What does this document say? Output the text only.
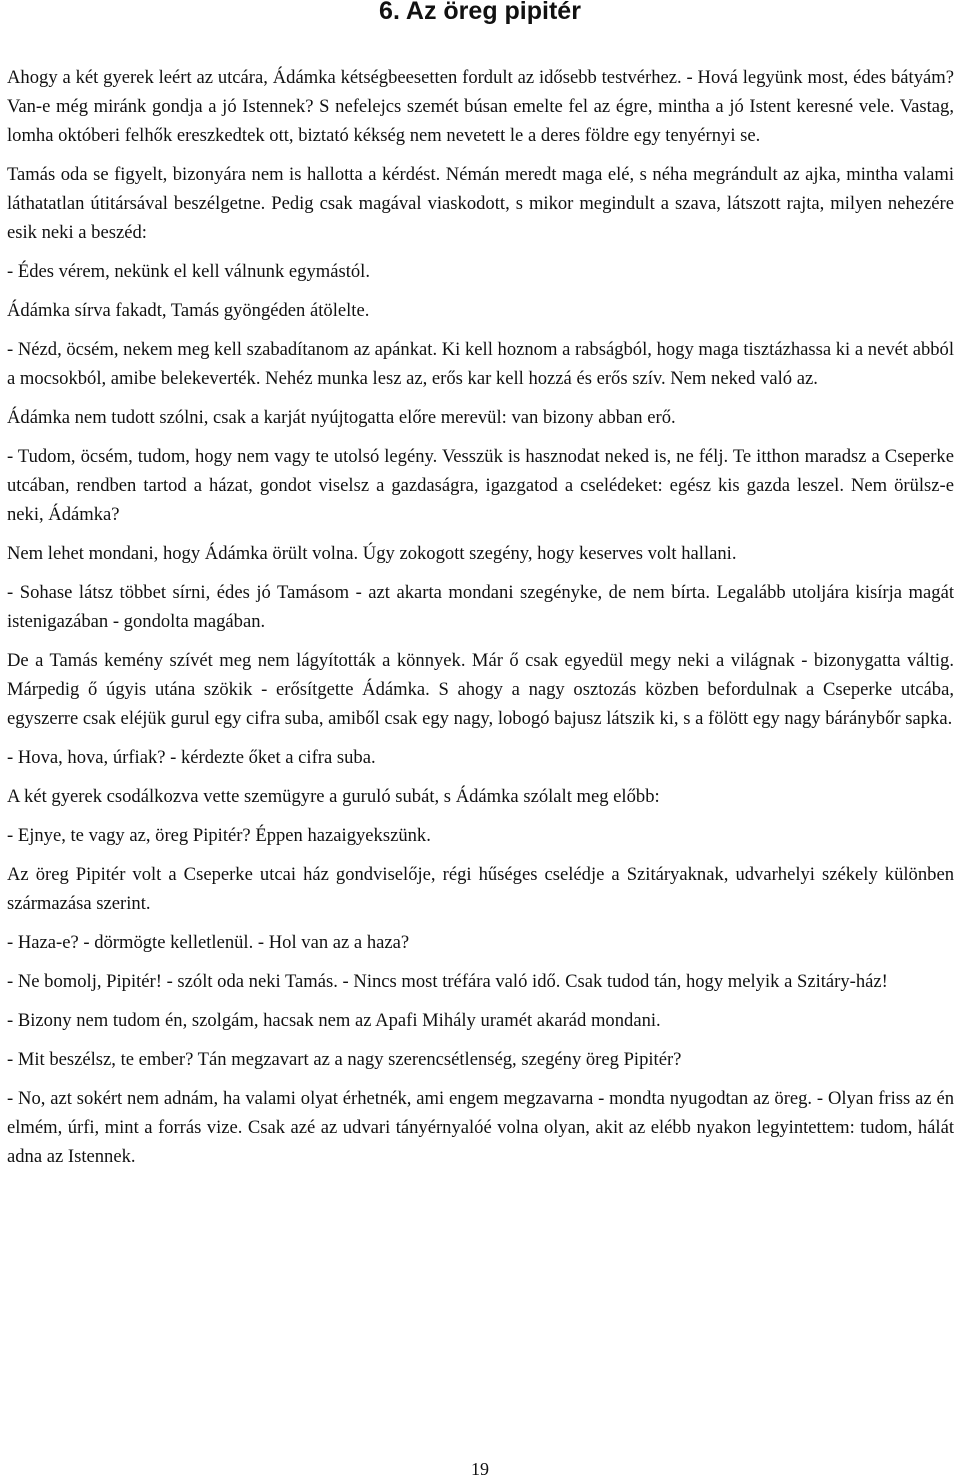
6. Az öreg pipitér

Ahogy a két gyerek leért az utcára, Ádámka kétségbeesetten fordult az idősebb testvérhez. - Hová legyünk most, édes bátyám? Van-e még miránk gondja a jó Istennek? S nefelejcs szemét búsan emelte fel az égre, mintha a jó Istent keresné vele. Vastag, lomha októberi felhők ereszkedtek ott, biztató kékség nem nevetett le a deres földre egy tenyérnyi se.

Tamás oda se figyelt, bizonyára nem is hallotta a kérdést. Némán meredt maga elé, s néha megrándult az ajka, mintha valami láthatatlan útitársával beszélgetne. Pedig csak magával viaskodott, s mikor megindult a szava, látszott rajta, milyen nehezére esik neki a beszéd:

- Édes vérem, nekünk el kell válnunk egymástól.

Ádámka sírva fakadt, Tamás gyöngéden átölelte.

- Nézd, öcsém, nekem meg kell szabadítanom az apánkat. Ki kell hoznom a rabságból, hogy maga tisztázhassa ki a nevét abból a mocsokból, amibe belekeverték. Nehéz munka lesz az, erős kar kell hozzá és erős szív. Nem neked való az.

Ádámka nem tudott szólni, csak a karját nyújtogatta előre merevül: van bizony abban erő.

- Tudom, öcsém, tudom, hogy nem vagy te utolsó legény. Vesszük is hasznodat neked is, ne félj. Te itthon maradsz a Cseperke utcában, rendben tartod a házat, gondot viselsz a gazdaságra, igazgatod a cselédeket: egész kis gazda leszel. Nem örülsz-e neki, Ádámka?

Nem lehet mondani, hogy Ádámka örült volna. Úgy zokogott szegény, hogy keserves volt hallani.

- Sohase látsz többet sírni, édes jó Tamásom - azt akarta mondani szegényke, de nem bírta. Legalább utoljára kisírja magát istenigazában - gondolta magában.

De a Tamás kemény szívét meg nem lágyították a könnyek. Már ő csak egyedül megy neki a világnak - bizonygatta váltig. Márpedig ő úgyis utána szökik - erősítgette Ádámka. S ahogy a nagy osztozás közben befordulnak a Cseperke utcába, egyszerre csak eléjük gurul egy cifra suba, amiből csak egy nagy, lobogó bajusz látszik ki, s a fölött egy nagy báránybőr sapka.

- Hova, hova, úrfiak? - kérdezte őket a cifra suba.

A két gyerek csodálkozva vette szemügyre a guruló subát, s Ádámka szólalt meg előbb:

- Ejnye, te vagy az, öreg Pipitér? Éppen hazaigyekszünk.

Az öreg Pipitér volt a Cseperke utcai ház gondviselője, régi hűséges cselédje a Szitáryaknak, udvarhelyi székely különben származása szerint.

- Haza-e? - dörmögte kelletlenül. - Hol van az a haza?

- Ne bomolj, Pipitér! - szólt oda neki Tamás. - Nincs most tréfára való idő. Csak tudod tán, hogy melyik a Szitáry-ház!

- Bizony nem tudom én, szolgám, hacsak nem az Apafi Mihály uramét akarád mondani.

- Mit beszélsz, te ember? Tán megzavart az a nagy szerencsétlenség, szegény öreg Pipitér?

- No, azt sokért nem adnám, ha valami olyat érhetnék, ami engem megzavarna - mondta nyugodtan az öreg. - Olyan friss az én elmém, úrfi, mint a forrás vize. Csak azé az udvari tányérnyalóé volna olyan, akit az elébb nyakon legyintettem: tudom, hálát adna az Istennek.

19
